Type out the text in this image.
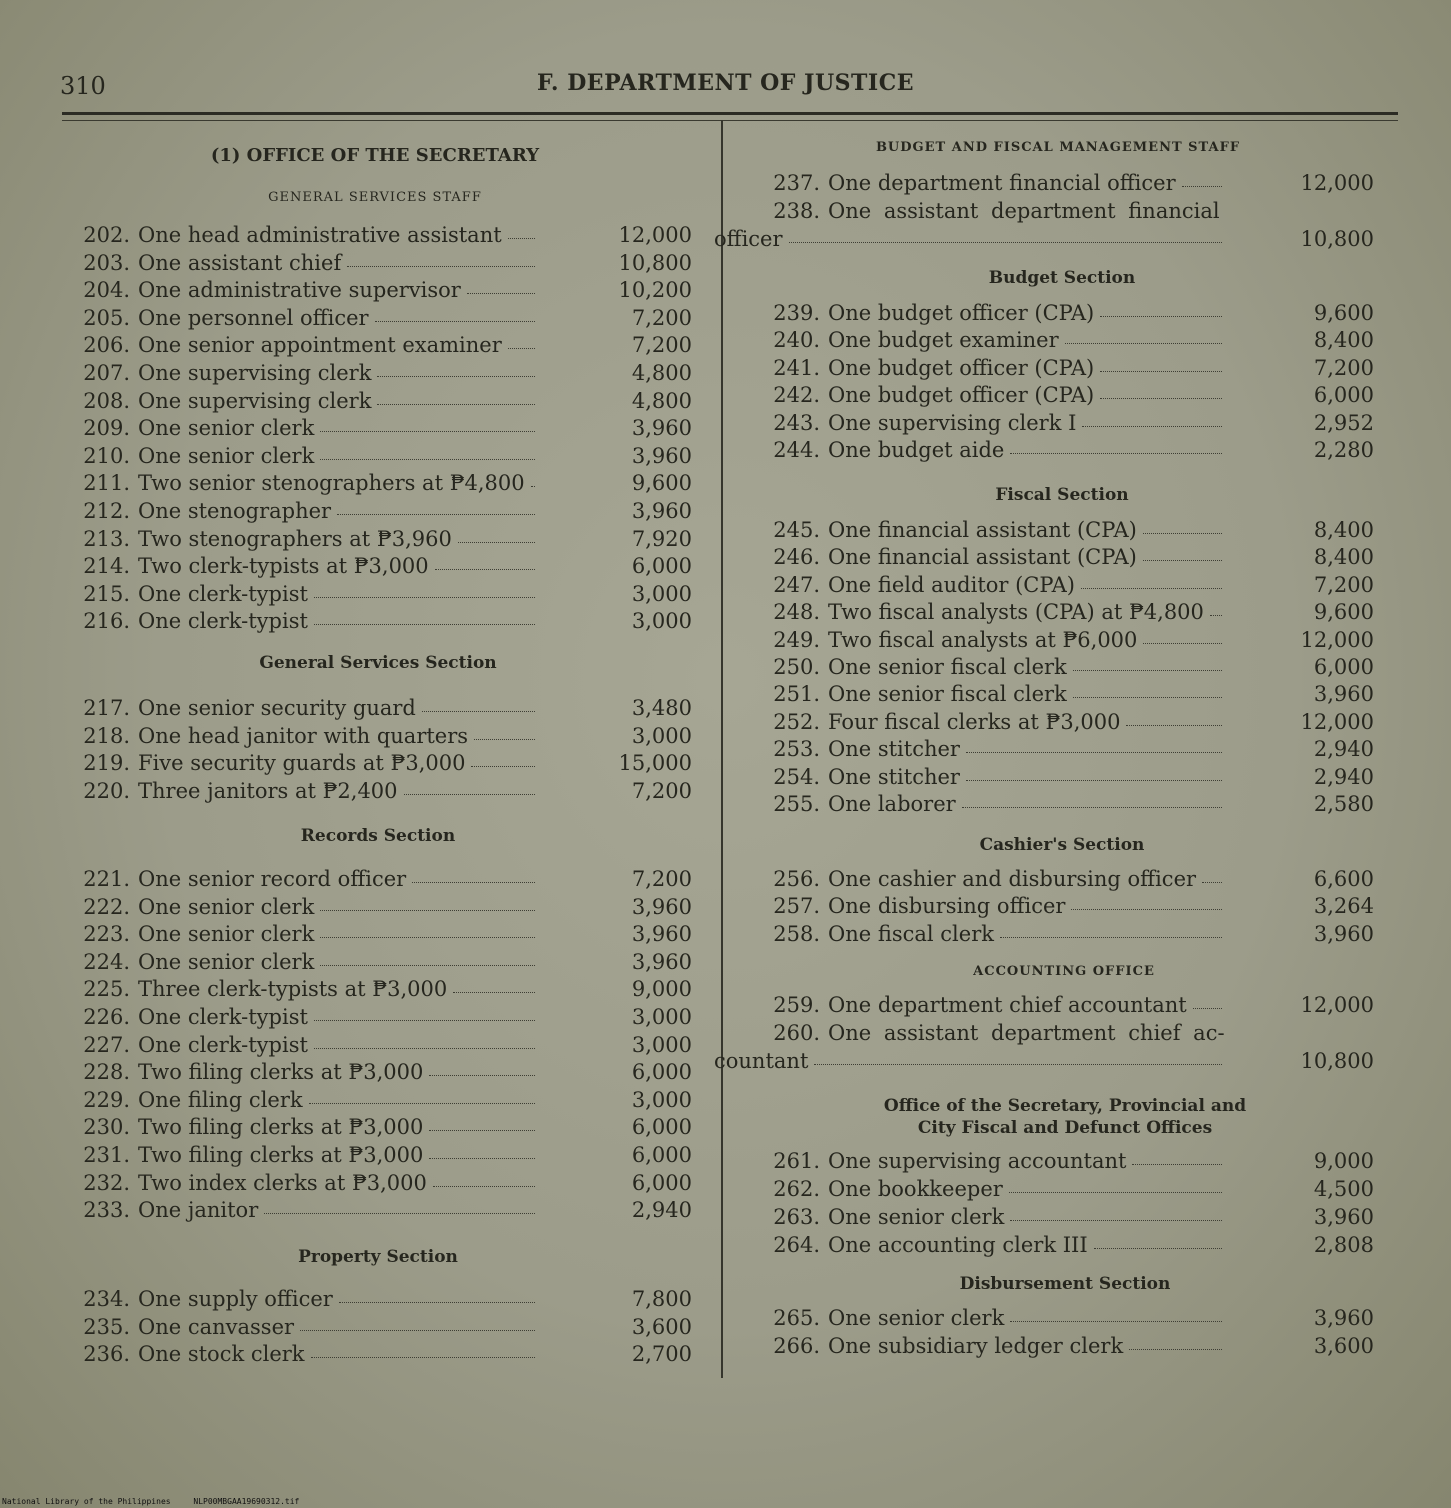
310	F. DEPARTMENT OF JUSTICE
(1) OFFICE OF THE SECRETARY
GENERAL SERVICES STAFF
202. One head administrative assistant	12,000
203. One assistant chief	10,800
204. One administrative supervisor	10,200
205. One personnel officer	7,200
206. One senior appointment examiner	7,200
207. One supervising clerk	4,800
208. One supervising clerk	4,800
209. One senior clerk	3,960
210. One senior clerk	3,960
211. Two senior stenographers at ₱4,800	9,600
212. One stenographer	3,960
213. Two stenographers at ₱3,960	7,920
214. Two clerk-typists at ₱3,000	6,000
215. One clerk-typist	3,000
216. One clerk-typist	3,000
General Services Section
217. One senior security guard	3,480
218. One head janitor with quarters	3,000
219. Five security guards at ₱3,000	15,000
220. Three janitors at ₱2,400	7,200
Records Section
221. One senior record officer	7,200
222. One senior clerk	3,960
223. One senior clerk	3,960
224. One senior clerk	3,960
225. Three clerk-typists at ₱3,000	9,000
226. One clerk-typist	3,000
227. One clerk-typist	3,000
228. Two filing clerks at ₱3,000	6,000
229. One filing clerk	3,000
230. Two filing clerks at ₱3,000	6,000
231. Two filing clerks at ₱3,000	6,000
232. Two index clerks at ₱3,000	6,000
233. One janitor	2,940
Property Section
234. One supply officer	7,800
235. One canvasser	3,600
236. One stock clerk	2,700
BUDGET AND FISCAL MANAGEMENT STAFF
237. One department financial officer	12,000
238. One assistant department financial
officer	10,800
Budget Section
239. One budget officer (CPA)	9,600
240. One budget examiner	8,400
241. One budget officer (CPA)	7,200
242. One budget officer (CPA)	6,000
243. One supervising clerk I	2,952
244. One budget aide	2,280
Fiscal Section
245. One financial assistant (CPA)	8,400
246. One financial assistant (CPA)	8,400
247. One field auditor (CPA)	7,200
248. Two fiscal analysts (CPA) at ₱4,800	9,600
249. Two fiscal analysts at ₱6,000	12,000
250. One senior fiscal clerk	6,000
251. One senior fiscal clerk	3,960
252. Four fiscal clerks at ₱3,000	12,000
253. One stitcher	2,940
254. One stitcher	2,940
255. One laborer	2,580
Cashier's Section
256. One cashier and disbursing officer	6,600
257. One disbursing officer	3,264
258. One fiscal clerk	3,960
ACCOUNTING OFFICE
259. One department chief accountant	12,000
260. One assistant department chief ac-
countant	10,800
Office of the Secretary, Provincial and
City Fiscal and Defunct Offices
261. One supervising accountant	9,000
262. One bookkeeper	4,500
263. One senior clerk	3,960
264. One accounting clerk III	2,808
Disbursement Section
265. One senior clerk	3,960
266. One subsidiary ledger clerk	3,600
National Library of the Philippines	NLP00MBGAA19690312.tif
